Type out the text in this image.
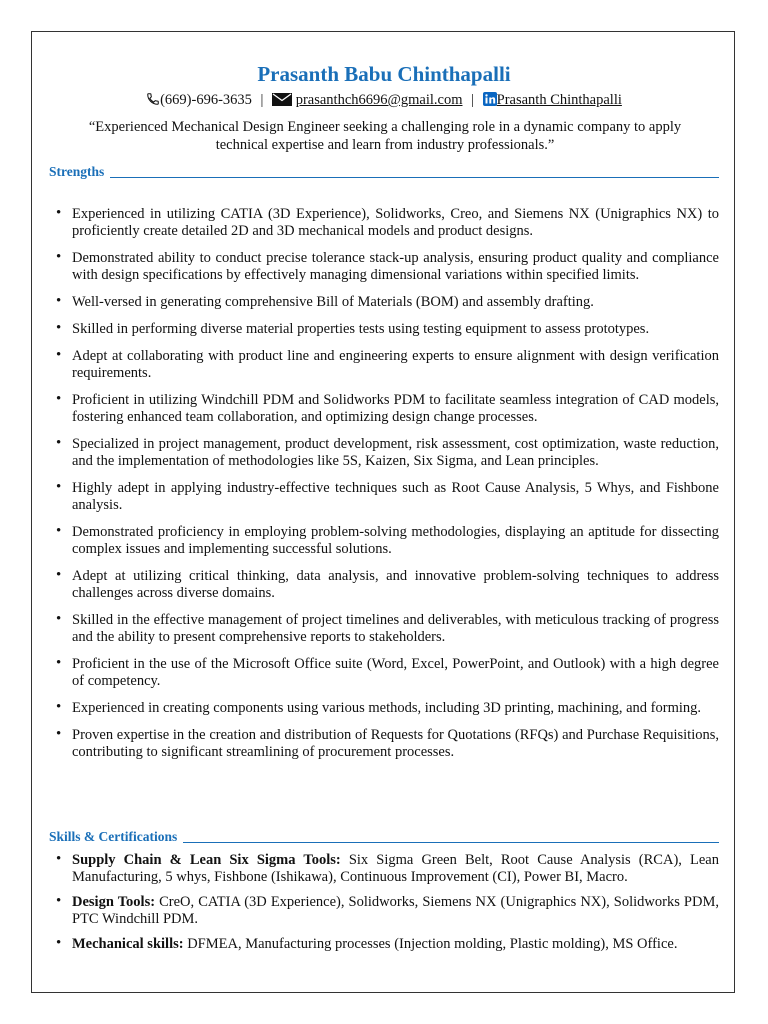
Prasanth Babu Chinthapalli
(669)-696-3635 | prasanthch6696@gmail.com | Prasanth Chinthapalli
“Experienced Mechanical Design Engineer seeking a challenging role in a dynamic company to apply technical expertise and learn from industry professionals.”
Strengths
• Experienced in utilizing CATIA (3D Experience), Solidworks, Creo, and Siemens NX (Unigraphics NX) to proficiently create detailed 2D and 3D mechanical models and product designs.
• Demonstrated ability to conduct precise tolerance stack-up analysis, ensuring product quality and compliance with design specifications by effectively managing dimensional variations within specified limits.
• Well-versed in generating comprehensive Bill of Materials (BOM) and assembly drafting.
• Skilled in performing diverse material properties tests using testing equipment to assess prototypes.
• Adept at collaborating with product line and engineering experts to ensure alignment with design verification requirements.
• Proficient in utilizing Windchill PDM and Solidworks PDM to facilitate seamless integration of CAD models, fostering enhanced team collaboration, and optimizing design change processes.
• Specialized in project management, product development, risk assessment, cost optimization, waste reduction, and the implementation of methodologies like 5S, Kaizen, Six Sigma, and Lean principles.
• Highly adept in applying industry-effective techniques such as Root Cause Analysis, 5 Whys, and Fishbone analysis.
• Demonstrated proficiency in employing problem-solving methodologies, displaying an aptitude for dissecting complex issues and implementing successful solutions.
• Adept at utilizing critical thinking, data analysis, and innovative problem-solving techniques to address challenges across diverse domains.
• Skilled in the effective management of project timelines and deliverables, with meticulous tracking of progress and the ability to present comprehensive reports to stakeholders.
• Proficient in the use of the Microsoft Office suite (Word, Excel, PowerPoint, and Outlook) with a high degree of competency.
• Experienced in creating components using various methods, including 3D printing, machining, and forming.
• Proven expertise in the creation and distribution of Requests for Quotations (RFQs) and Purchase Requisitions, contributing to significant streamlining of procurement processes.
Skills & Certifications
• Supply Chain & Lean Six Sigma Tools: Six Sigma Green Belt, Root Cause Analysis (RCA), Lean Manufacturing, 5 whys, Fishbone (Ishikawa), Continuous Improvement (CI), Power BI, Macro.
• Design Tools: CreO, CATIA (3D Experience), Solidworks, Siemens NX (Unigraphics NX), Solidworks PDM, PTC Windchill PDM.
• Mechanical skills: DFMEA, Manufacturing processes (Injection molding, Plastic molding), MS Office.
